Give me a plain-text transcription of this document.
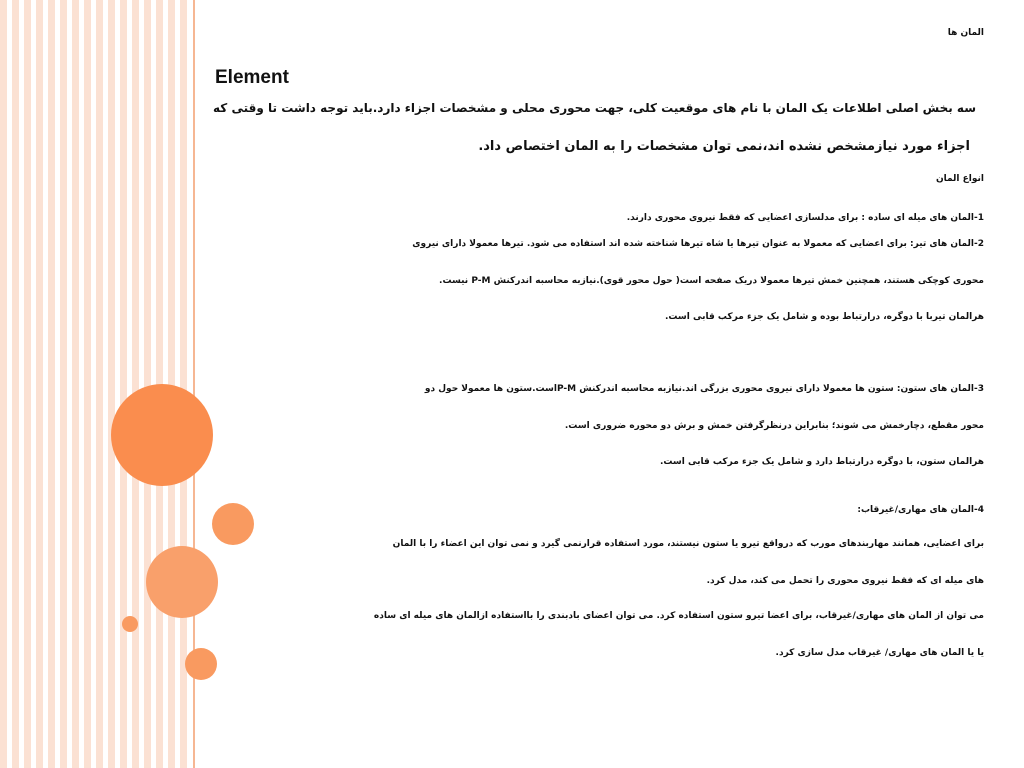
المان ها

Element

سه بخش اصلی اطلاعات یک المان با نام های موقعیت کلی، جهت محوری محلی و مشخصات اجزاء دارد.باید توجه داشت تا وقتی که

اجزاء مورد نیازمشخص نشده اند،نمی توان مشخصات را به المان اختصاص داد.

انواع المان

1-المان های میله ای ساده : برای مدلسازی اعضایی که فقط نیروی محوری دارند.

2-المان های تیر: برای اعضایی که معمولا به عنوان تیرها یا شاه تیرها شناخته شده اند استفاده می شود. تیرها معمولا دارای نیروی

محوری کوچکی هستند، همچنین خمش تیرها معمولا دریک صفحه است( حول محور قوی).نیازبه محاسبه اندرکنش P-M نیست.

هرالمان تیربا با دوگره، درارتباط بوده و شامل یک جزء مرکب قابی است.

3-المان های ستون: ستون ها معمولا دارای نیروی محوری بزرگی اند.نیازبه محاسبه اندرکنش P-Mاست.ستون ها معمولا حول دو

محور مقطع، دچارخمش می شوند؛ بنابراین درنظرگرفتن خمش و برش دو محوره ضروری است.

هرالمان ستون، با دوگره درارتباط دارد و شامل یک جزء مرکب قابی است.

4-المان های مهاری/غیرقاب:

برای اعضایی، همانند مهاربندهای مورب که درواقع تیرو یا ستون نیستند، مورد استفاده قرارنمی گیرد و نمی توان این اعضاء را با المان

های میله ای که فقط نیروی محوری را تحمل می کند، مدل کرد.

می توان از المان های مهاری/غیرقاب، برای اعضا تیرو ستون استفاده کرد. می توان اعضای بادبندی را بااستفاده ازالمان های میله ای ساده

یا یا المان های مهاری/ غیرقاب مدل سازی کرد.
